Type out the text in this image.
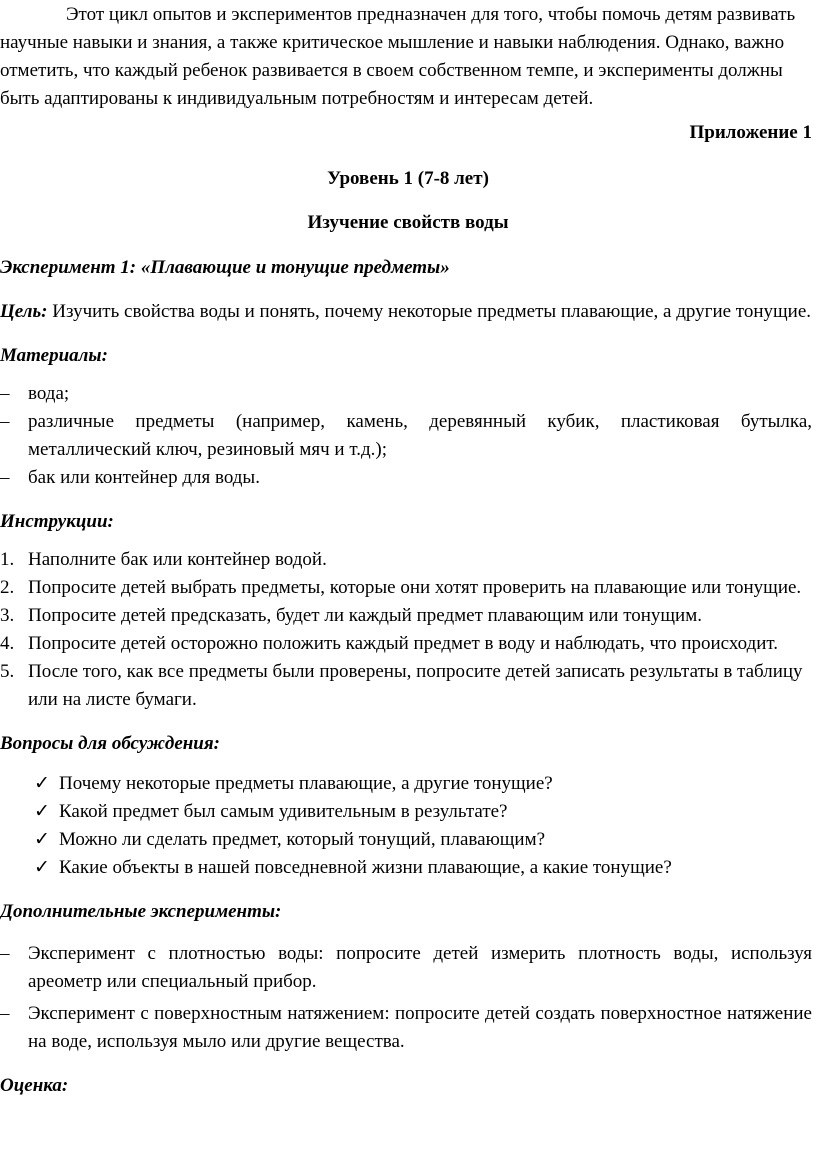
Этот цикл опытов и экспериментов предназначен для того, чтобы помочь детям развивать научные навыки и знания, а также критическое мышление и навыки наблюдения. Однако, важно отметить, что каждый ребенок развивается в своем собственном темпе, и эксперименты должны быть адаптированы к индивидуальным потребностям и интересам детей.

Приложение 1

Уровень 1 (7-8 лет)

Изучение свойств воды

Эксперимент 1: «Плавающие и тонущие предметы»

Цель: Изучить свойства воды и понять, почему некоторые предметы плавающие, а другие тонущие.

Материалы:

– вода;
– различные предметы (например, камень, деревянный кубик, пластиковая бутылка, металлический ключ, резиновый мяч и т.д.);
– бак или контейнер для воды.

Инструкции:

1. Наполните бак или контейнер водой.
2. Попросите детей выбрать предметы, которые они хотят проверить на плавающие или тонущие.
3. Попросите детей предсказать, будет ли каждый предмет плавающим или тонущим.
4. Попросите детей осторожно положить каждый предмет в воду и наблюдать, что происходит.
5. После того, как все предметы были проверены, попросите детей записать результаты в таблицу или на листе бумаги.

Вопросы для обсуждения:

✓ Почему некоторые предметы плавающие, а другие тонущие?
✓ Какой предмет был самым удивительным в результате?
✓ Можно ли сделать предмет, который тонущий, плавающим?
✓ Какие объекты в нашей повседневной жизни плавающие, а какие тонущие?

Дополнительные эксперименты:

– Эксперимент с плотностью воды: попросите детей измерить плотность воды, используя ареометр или специальный прибор.
– Эксперимент с поверхностным натяжением: попросите детей создать поверхностное натяжение на воде, используя мыло или другие вещества.

Оценка:
